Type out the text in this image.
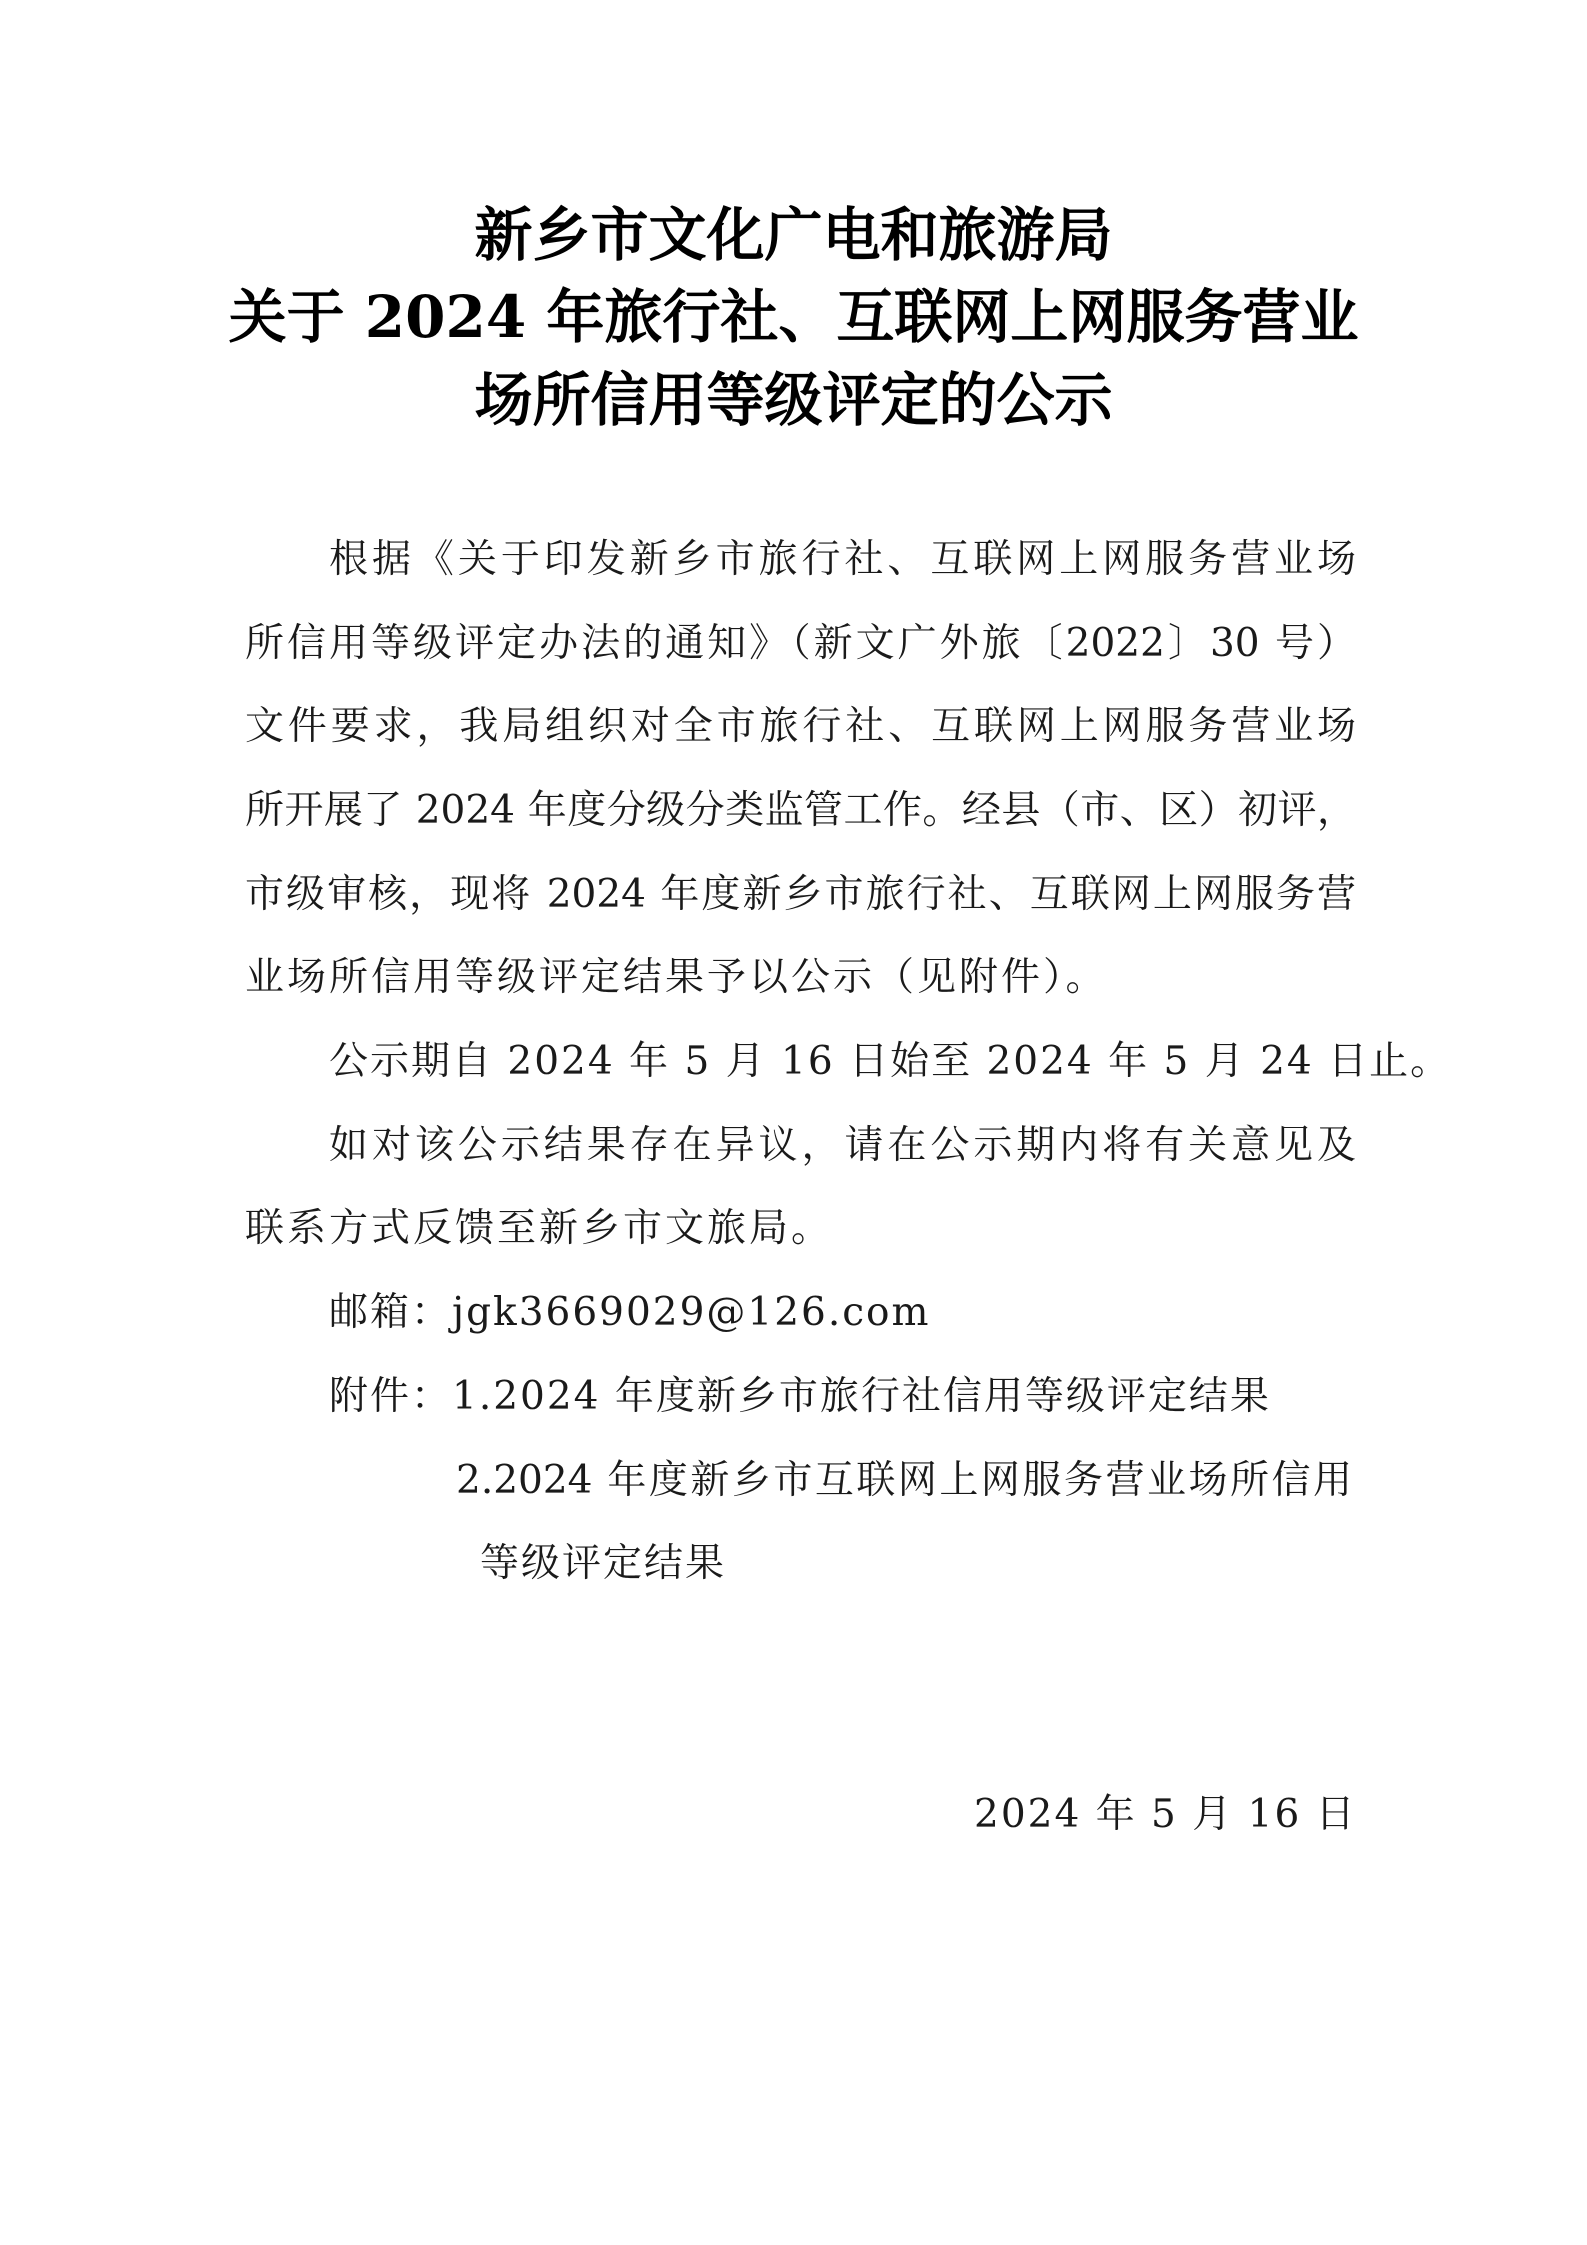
新乡市文化广电和旅游局
关于 2024 年旅行社、互联网上网服务营业
场所信用等级评定的公示
根据《关于印发新乡市旅行社、互联网上网服务营业场
所信用等级评定办法的通知》（新文广外旅〔2022〕30 号）
文件要求，我局组织对全市旅行社、互联网上网服务营业场
所开展了 2024 年度分级分类监管工作。经县（市、区）初评，
市级审核，现将 2024 年度新乡市旅行社、互联网上网服务营
业场所信用等级评定结果予以公示（见附件）。
公示期自 2024 年 5 月 16 日始至 2024 年 5 月 24 日止。
如对该公示结果存在异议，请在公示期内将有关意见及
联系方式反馈至新乡市文旅局。
邮箱：jgk3669029@126.com
附件：1.2024 年度新乡市旅行社信用等级评定结果
2.2024 年度新乡市互联网上网服务营业场所信用
等级评定结果
2024 年 5 月 16 日
